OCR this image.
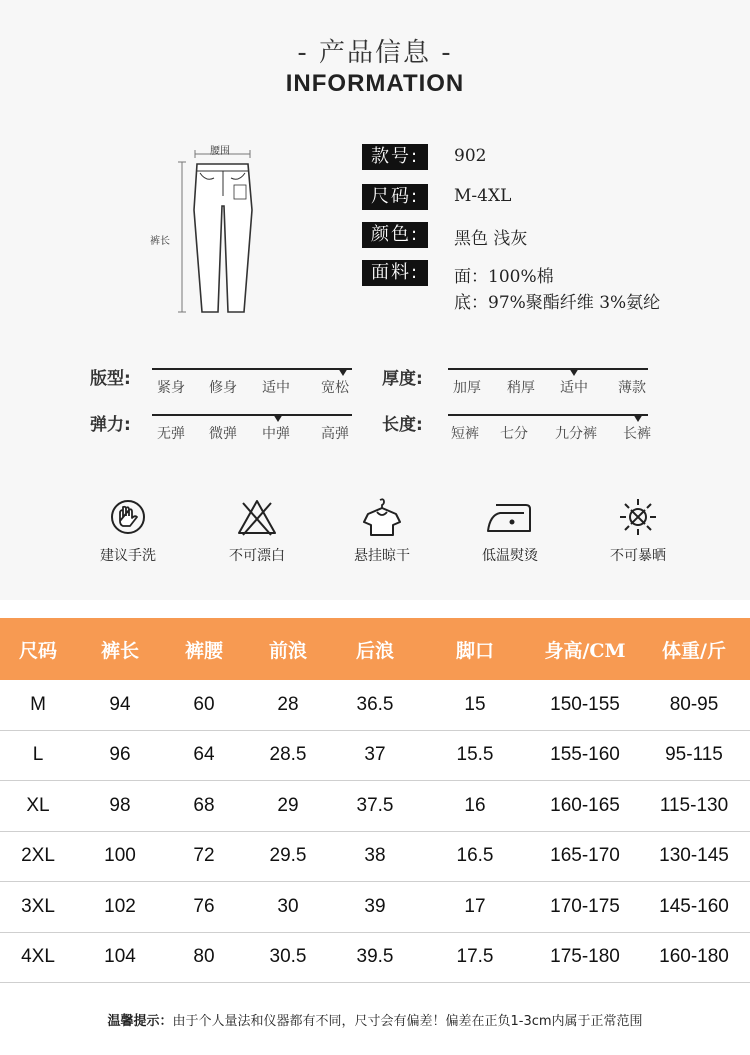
- 产品信息 -
INFORMATION
腰围
裤长
款号:	902
尺码:	M-4XL
颜色:	黑色 浅灰
面料:	面：100%棉
底：97%聚酯纤维 3%氨纶
版型: 紧身 修身 适中 宽松
弹力: 无弹 微弹 中弹 高弹
厚度: 加厚 稍厚 适中 薄款
长度: 短裤 七分 九分裤 长裤
建议手洗	不可漂白	悬挂晾干	低温熨烫	不可暴晒
尺码	裤长	裤腰	前浪	后浪	脚口	身高/CM	体重/斤
M	94	60	28	36.5	15	150-155	80-95
L	96	64	28.5	37	15.5	155-160	95-115
XL	98	68	29	37.5	16	160-165	115-130
2XL	100	72	29.5	38	16.5	165-170	130-145
3XL	102	76	30	39	17	170-175	145-160
4XL	104	80	30.5	39.5	17.5	175-180	160-180
温馨提示：由于个人量法和仪器都有不同，尺寸会有偏差！偏差在正负1-3cm内属于正常范围
